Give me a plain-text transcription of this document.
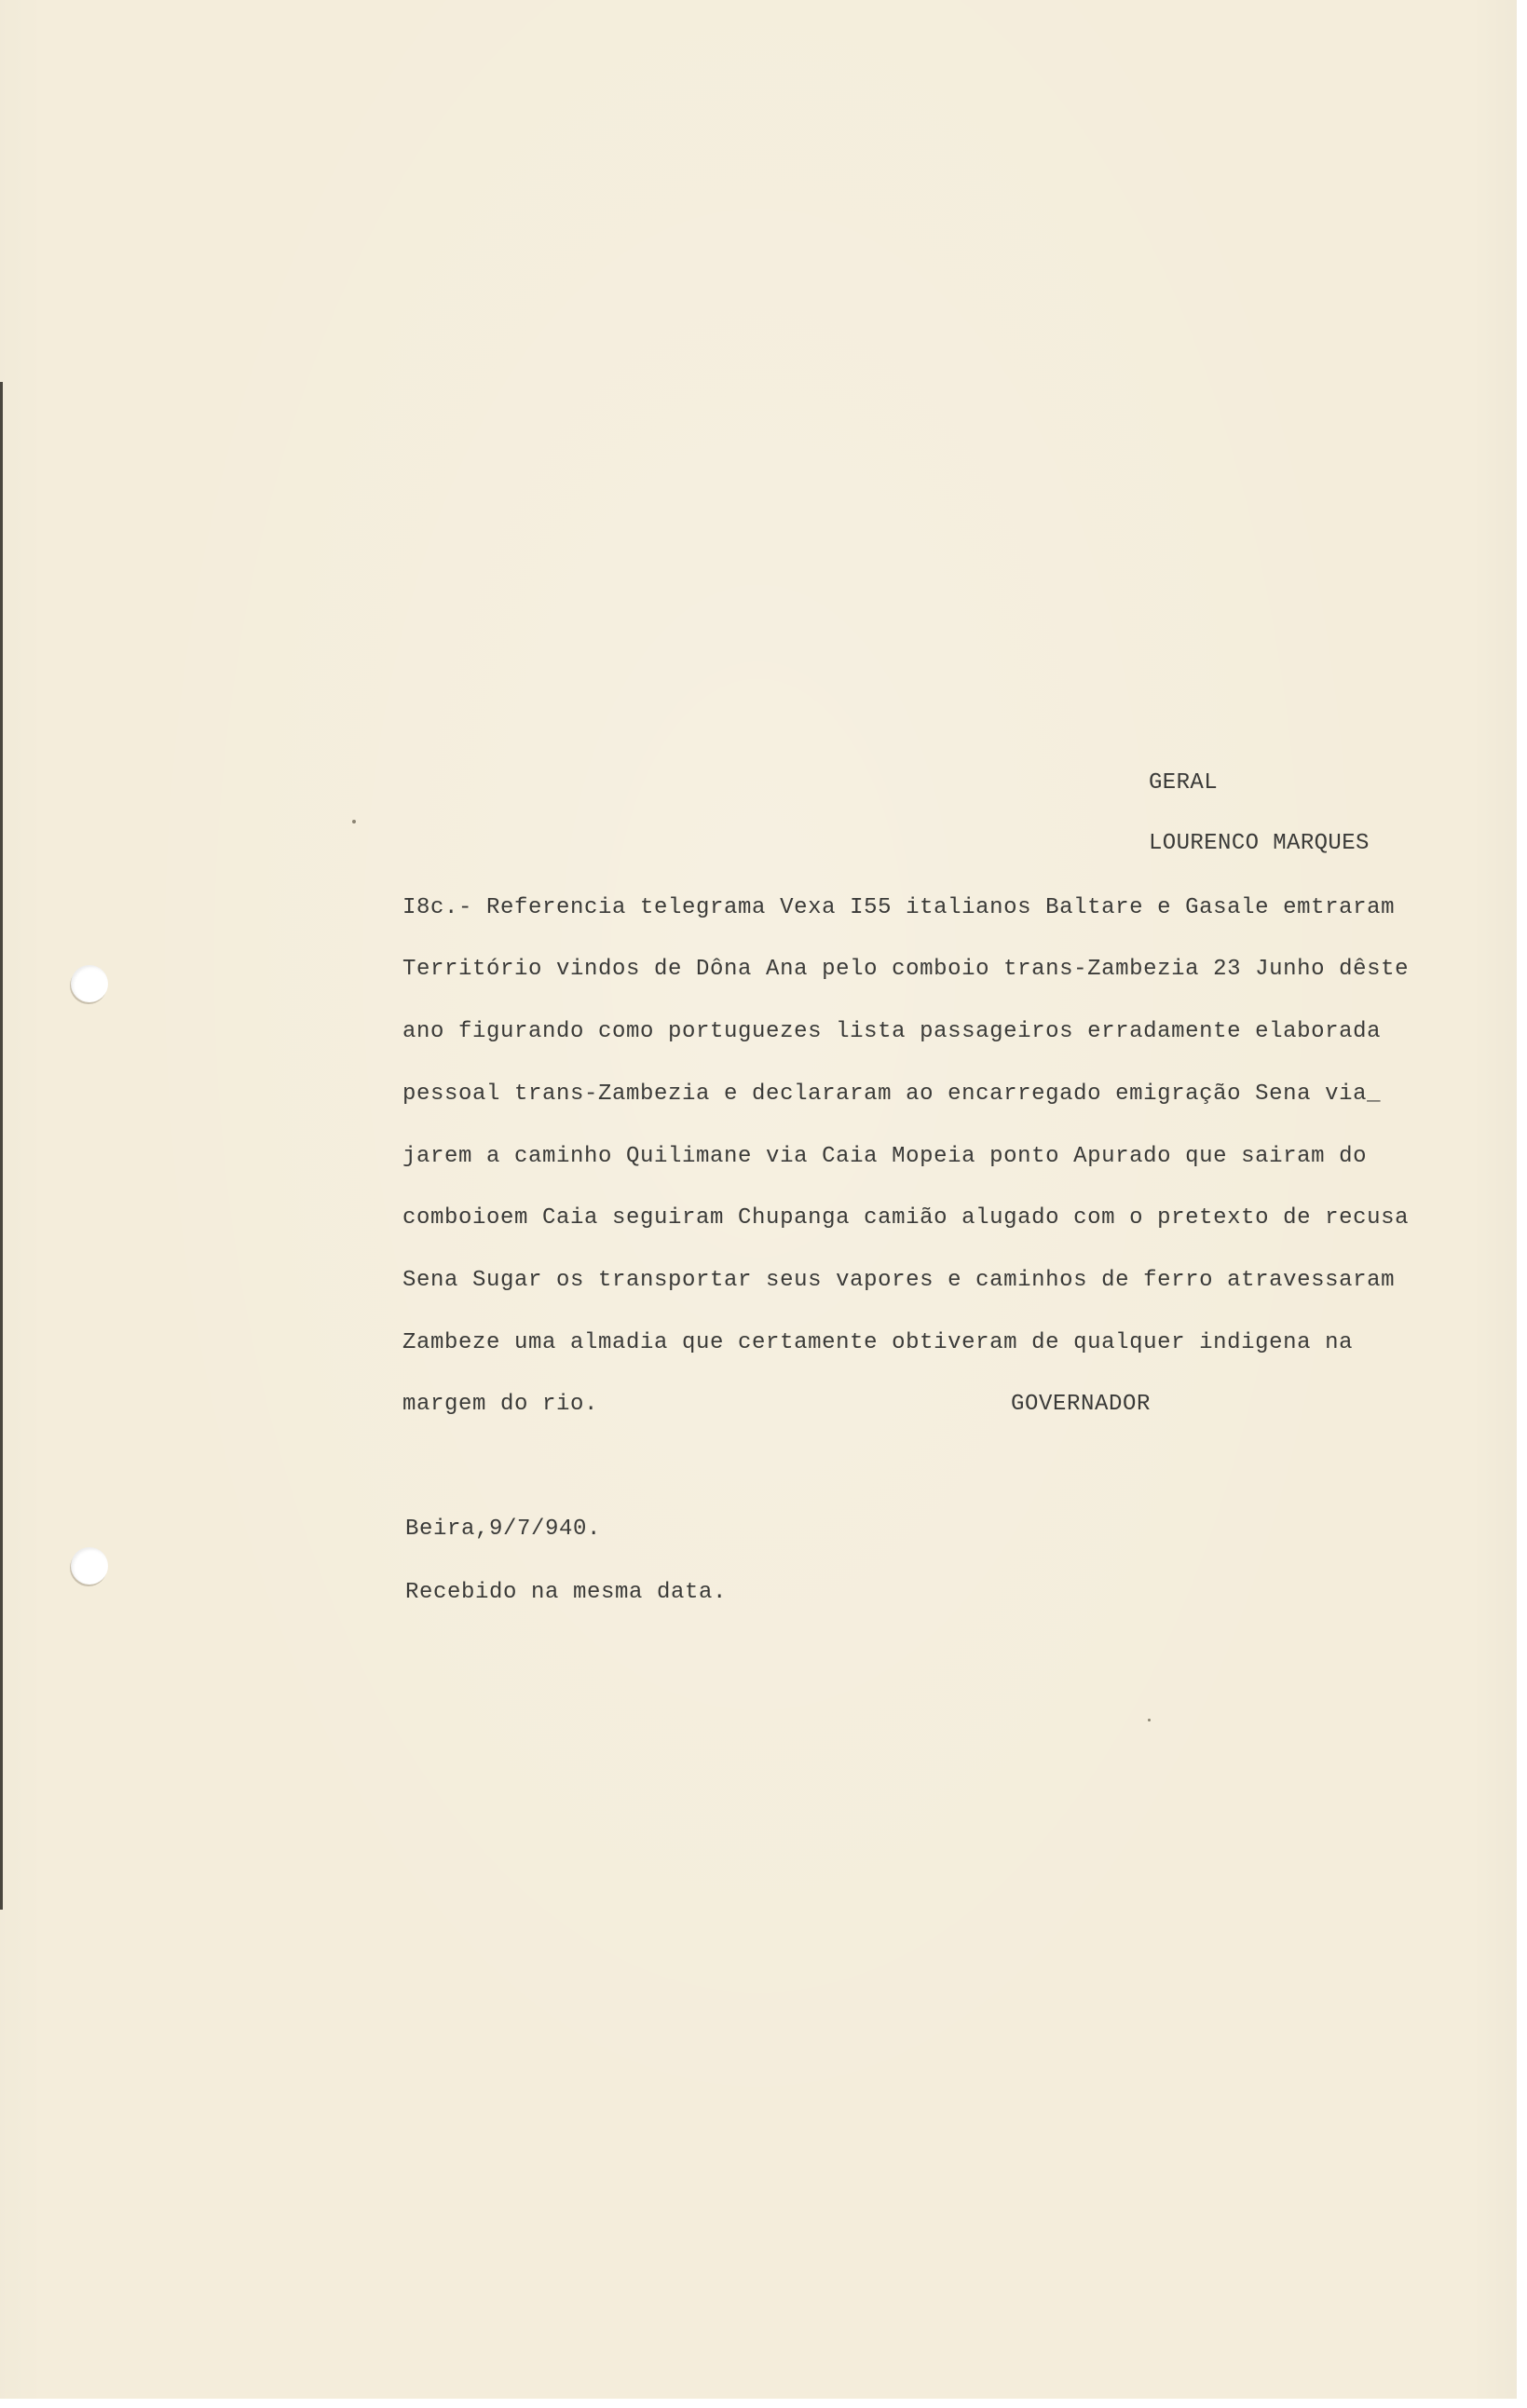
GERAL
LOURENCO MARQUES
I8c.- Referencia telegrama Vexa I55 italianos Baltare e Gasale emtraram
Território vindos de Dôna Ana pelo comboio trans-Zambezia 23 Junho dêste
ano figurando como portuguezes lista passageiros erradamente elaborada
pessoal trans-Zambezia e declararam ao encarregado emigração Sena via_
jarem a caminho Quilimane via Caia Mopeia ponto Apurado que sairam do
comboioem Caia seguiram Chupanga camião alugado com o pretexto de recusa
Sena Sugar os transportar seus vapores e caminhos de ferro atravessaram
Zambeze uma almadia que certamente obtiveram de qualquer indigena na
margem do rio.	GOVERNADOR
Beira,9/7/940.
Recebido na mesma data.
